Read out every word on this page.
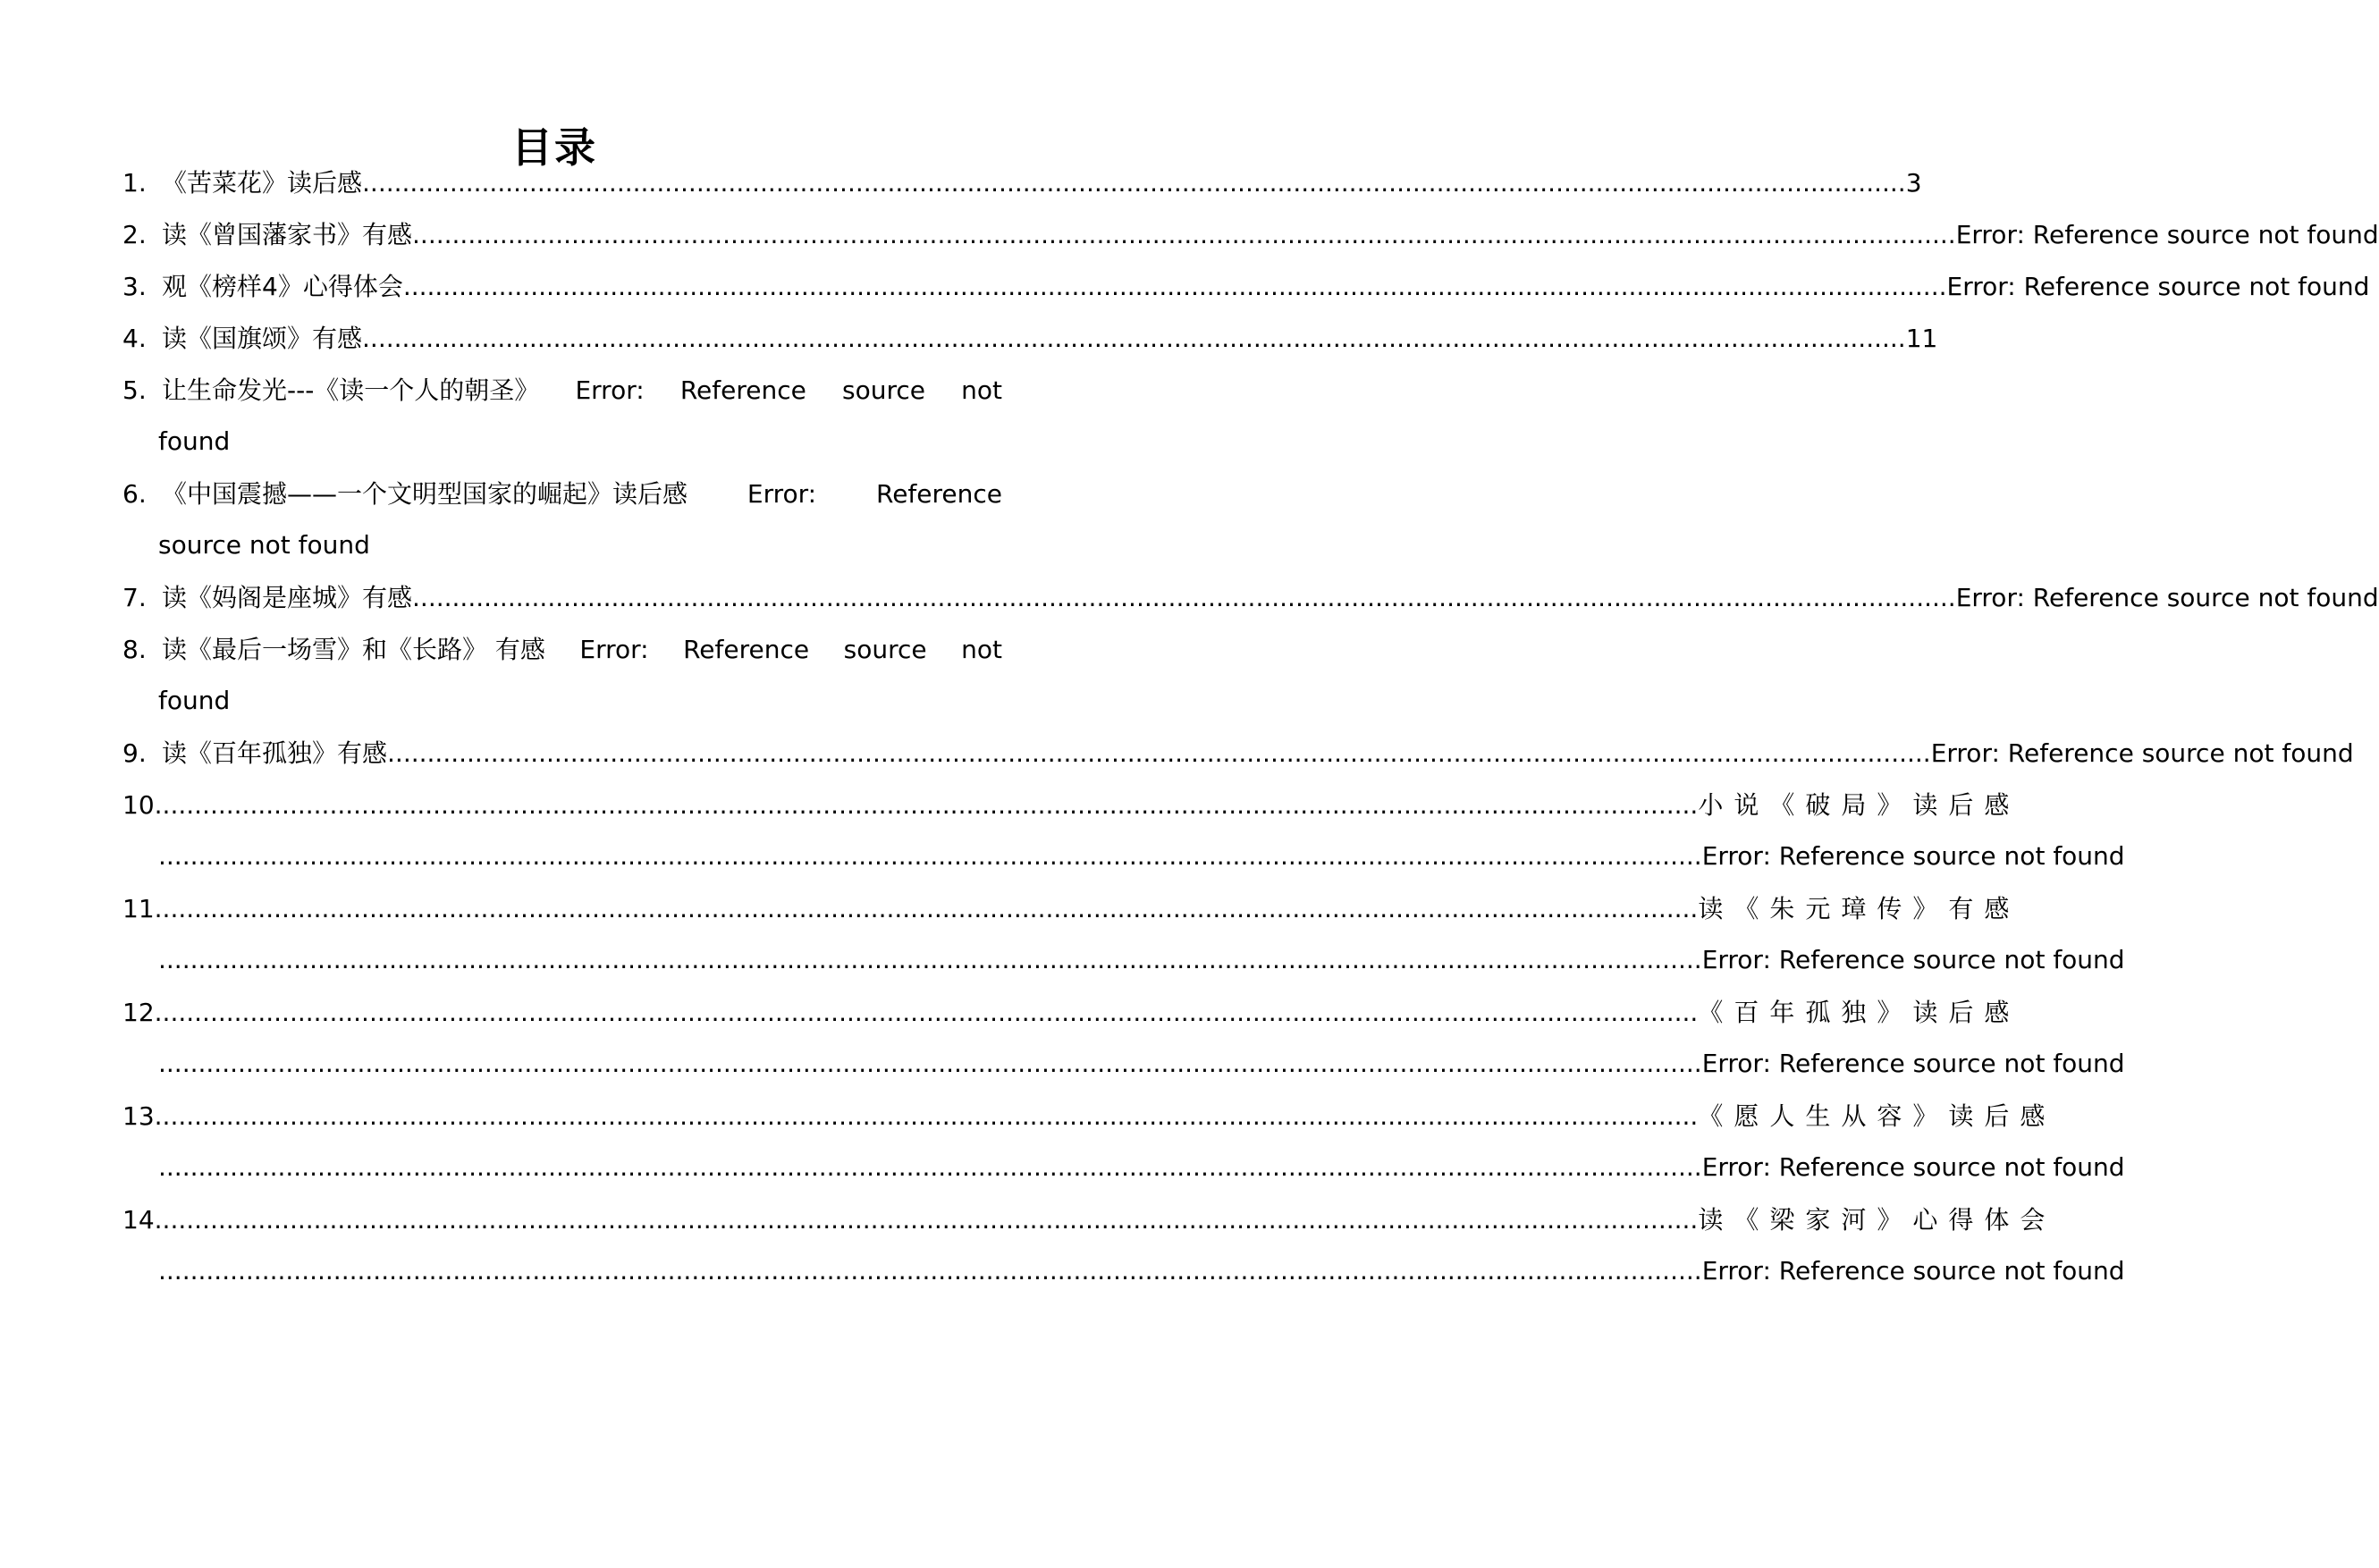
目录
1. 《苦菜花》读后感 .................................................................................................................................................................................................. 3
2. 读《曾国藩家书》有感 .................................................................................................................................................................................................. Error: Reference source not found
3. 观《榜样4》心得体会 .................................................................................................................................................................................................. Error: Reference source not found
4. 读《国旗颂》有感 .................................................................................................................................................................................................. 11
5. 让生命发光---《读一个人的朝圣》 Error: Reference source not
found
6. 《中国震撼——一个文明型国家的崛起》读后感 Error: Reference
source not found
7. 读《妈阁是座城》有感 .................................................................................................................................................................................................. Error: Reference source not found
8. 读《最后一场雪》和《长路》 有感 Error: Reference source not
found
9. 读《百年孤独》有感 .................................................................................................................................................................................................. Error: Reference source not found
10 .................................................................................................................................................................................................. 小说《破局》读后感
.................................................................................................................................................................................................. Error: Reference source not found
11 .................................................................................................................................................................................................. 读《朱元璋传》有感
.................................................................................................................................................................................................. Error: Reference source not found
12 .................................................................................................................................................................................................. 《百年孤独》读后感
.................................................................................................................................................................................................. Error: Reference source not found
13 .................................................................................................................................................................................................. 《愿人生从容》读后感
.................................................................................................................................................................................................. Error: Reference source not found
14 .................................................................................................................................................................................................. 读《梁家河》心得体会
.................................................................................................................................................................................................. Error: Reference source not found
